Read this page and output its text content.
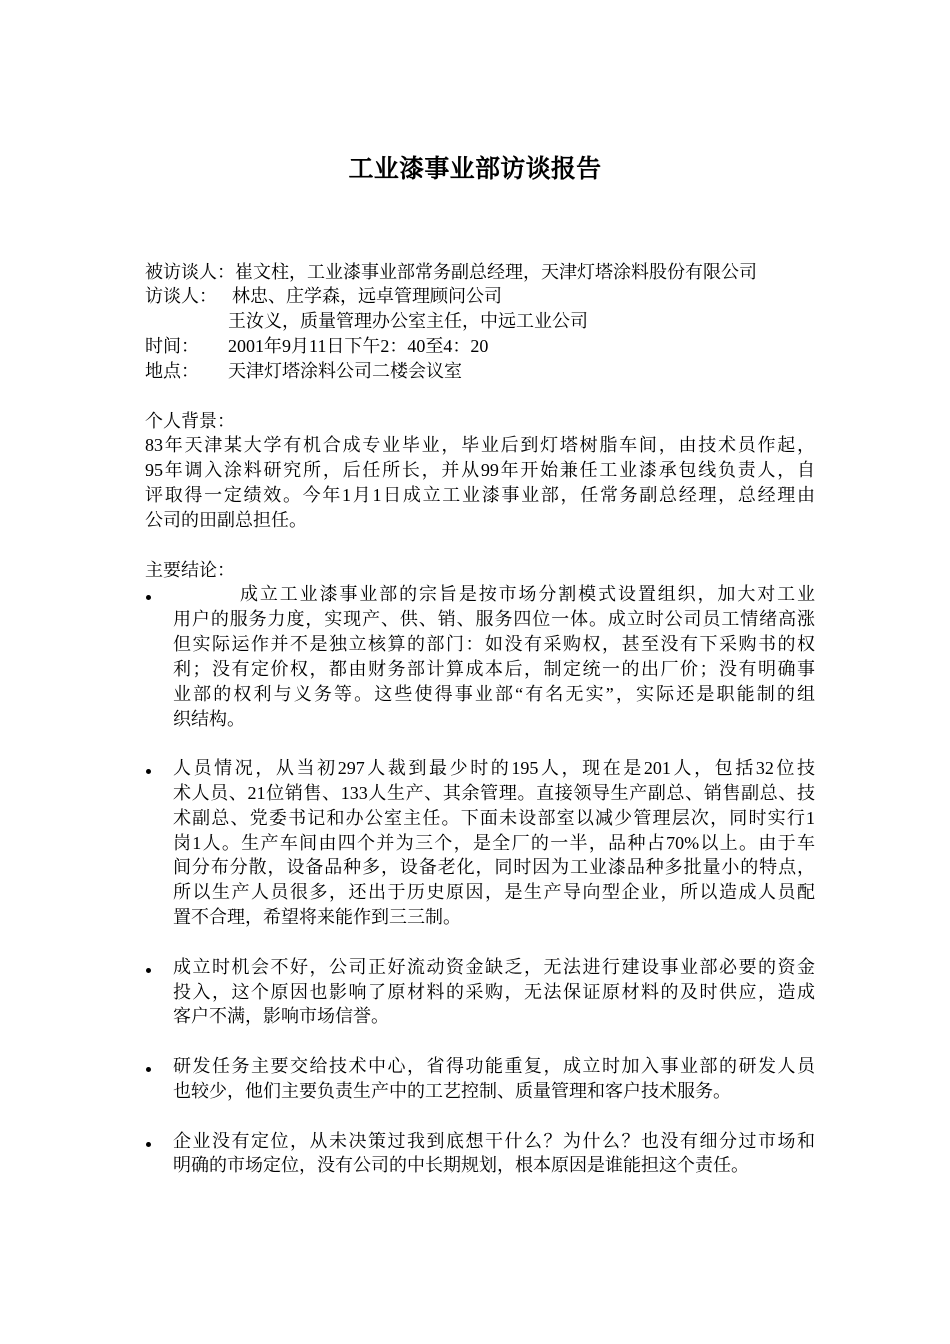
工业漆事业部访谈报告
被访谈人：崔文柱，工业漆事业部常务副总经理，天津灯塔涂料股份有限公司
访谈人： 林忠、庄学森，远卓管理顾问公司
王汝义，质量管理办公室主任，中远工业公司
时间： 2001年9月11日下午2：40至4：20
地点： 天津灯塔涂料公司二楼会议室
个人背景：
83年天津某大学有机合成专业毕业，毕业后到灯塔树脂车间，由技术员作起，
95年调入涂料研究所，后任所长，并从99年开始兼任工业漆承包线负责人，自
评取得一定绩效。今年1月1日成立工业漆事业部，任常务副总经理，总经理由
公司的田副总担任。
主要结论：
成立工业漆事业部的宗旨是按市场分割模式设置组织，加大对工业
用户的服务力度，实现产、供、销、服务四位一体。成立时公司员工情绪高涨
但实际运作并不是独立核算的部门：如没有采购权，甚至没有下采购书的权
利；没有定价权，都由财务部计算成本后，制定统一的出厂价；没有明确事
业部的权利与义务等。这些使得事业部“有名无实”，实际还是职能制的组
织结构。
人员情况，从当初297人裁到最少时的195人，现在是201人，包括32位技
术人员、21位销售、133人生产、其余管理。直接领导生产副总、销售副总、技
术副总、党委书记和办公室主任。下面未设部室以减少管理层次，同时实行1
岗1人。生产车间由四个并为三个，是全厂的一半，品种占70%以上。由于车
间分布分散，设备品种多，设备老化，同时因为工业漆品种多批量小的特点，
所以生产人员很多，还出于历史原因，是生产导向型企业，所以造成人员配
置不合理，希望将来能作到三三制。
成立时机会不好，公司正好流动资金缺乏，无法进行建设事业部必要的资金
投入，这个原因也影响了原材料的采购，无法保证原材料的及时供应，造成
客户不满，影响市场信誉。
研发任务主要交给技术中心，省得功能重复，成立时加入事业部的研发人员
也较少，他们主要负责生产中的工艺控制、质量管理和客户技术服务。
企业没有定位，从未决策过我到底想干什么？为什么？也没有细分过市场和
明确的市场定位，没有公司的中长期规划，根本原因是谁能担这个责任。
